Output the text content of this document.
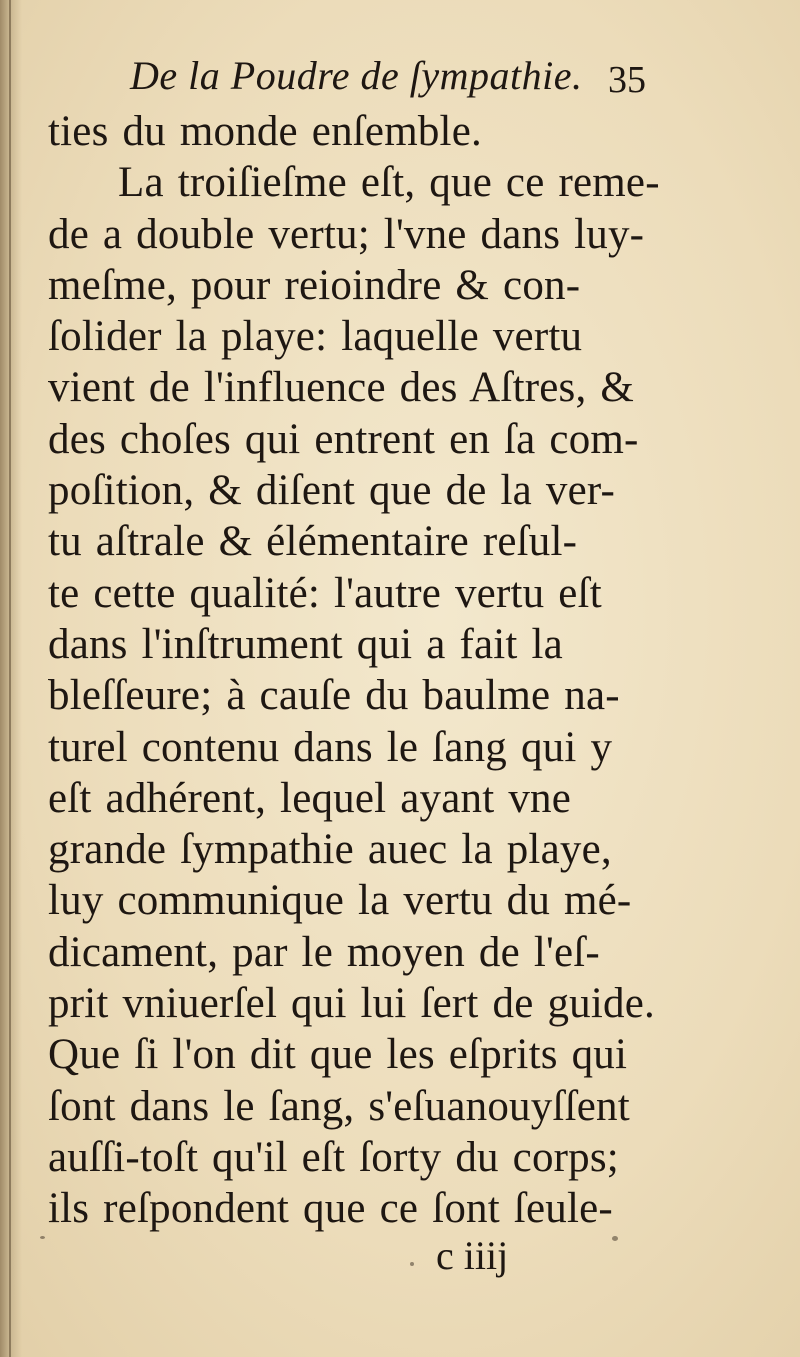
De la Poudre de ſympathie. 35
ties du monde enſemble.
La troiſieſme eſt, que ce reme-
de a double vertu; l'vne dans luy-
meſme, pour reioindre & con-
ſolider la playe: laquelle vertu
vient de l'influence des Aſtres, &
des choſes qui entrent en ſa com-
poſition, & diſent que de la ver-
tu aſtrale & élémentaire reſul-
te cette qualité: l'autre vertu eſt
dans l'inſtrument qui a fait la
bleſſeure; à cauſe du baulme na-
turel contenu dans le ſang qui y
eſt adhérent, lequel ayant vne
grande ſympathie auec la playe,
luy communique la vertu du mé-
dicament, par le moyen de l'eſ-
prit vniuerſel qui lui ſert de guide.
Que ſi l'on dit que les eſprits qui
ſont dans le ſang, s'eſuanouyſſent
auſſi-toſt qu'il eſt ſorty du corps;
ils reſpondent que ce ſont ſeule-
c iiij
